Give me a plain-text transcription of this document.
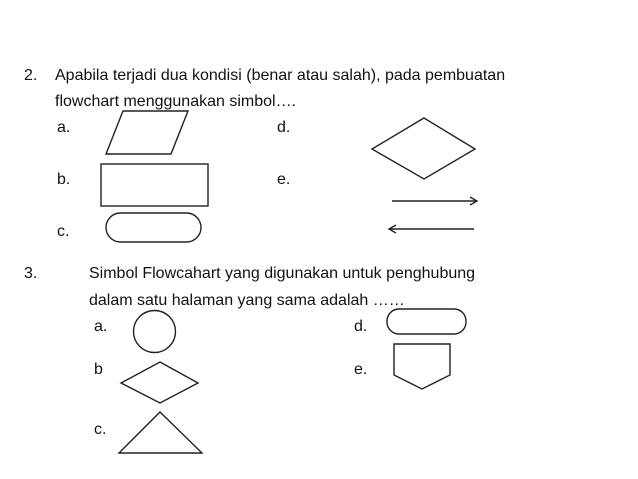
2. Apabila terjadi dua kondisi (benar atau salah), pada pembuatan
flowchart menggunakan simbol….
a.
b.
c.
d.
e.
3.	Simbol Flowcahart yang digunakan untuk penghubung
dalam satu halaman yang sama adalah ……
a.
b
c.
d.
e.
